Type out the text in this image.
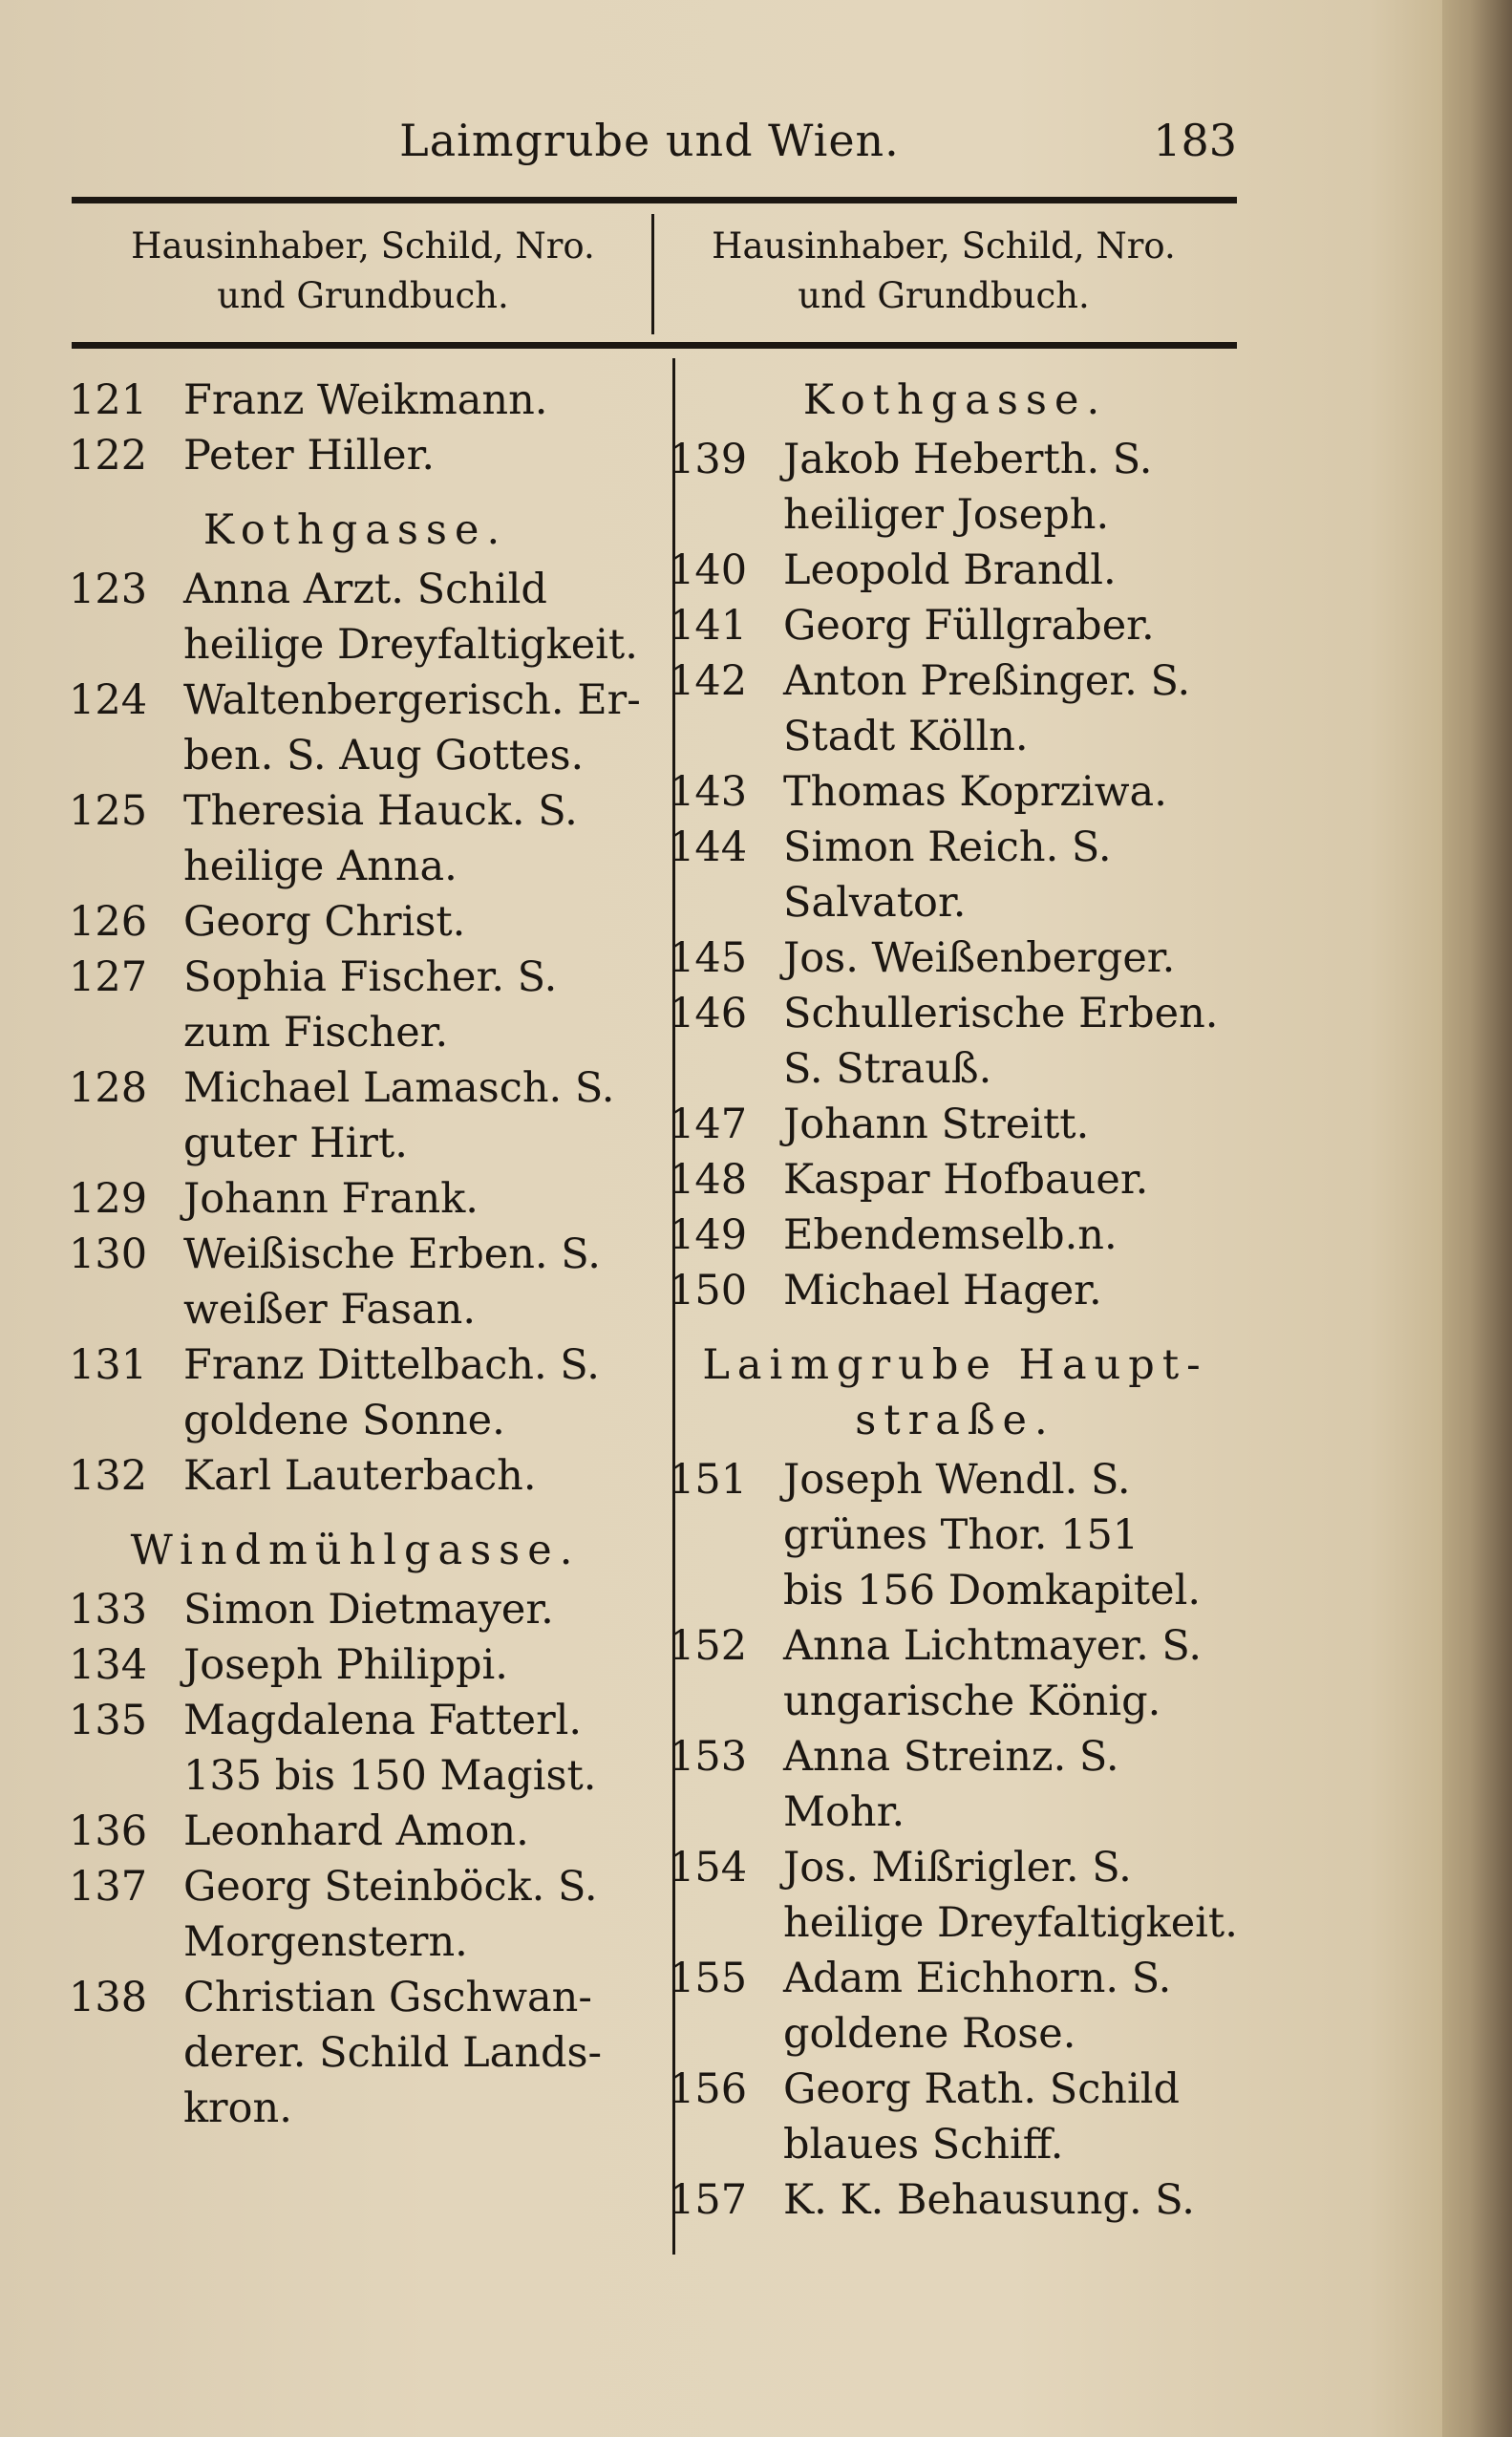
Laimgrube und Wien.	183
Hausinhaber, Schild, Nro.
und Grundbuch.
Hausinhaber, Schild, Nro.
und Grundbuch.
121 Franz Weikmann.
122 Peter Hiller.
Kothgasse.
123 Anna Arzt. Schild
heilige Dreyfaltigkeit.
124 Waltenbergerisch. Er-
ben. S. Aug Gottes.
125 Theresia Hauck. S.
heilige Anna.
126 Georg Christ.
127 Sophia Fischer. S.
zum Fischer.
128 Michael Lamasch. S.
guter Hirt.
129 Johann Frank.
130 Weißische Erben. S.
weißer Fasan.
131 Franz Dittelbach. S.
goldene Sonne.
132 Karl Lauterbach.
Windmühlgasse.
133 Simon Dietmayer.
134 Joseph Philippi.
135 Magdalena Fatterl.
135 bis 150 Magist.
136 Leonhard Amon.
137 Georg Steinböck. S.
Morgenstern.
138 Christian Gschwan-
derer. Schild Lands-
kron.
Kothgasse.
139 Jakob Heberth. S.
heiliger Joseph.
140 Leopold Brandl.
141 Georg Füllgraber.
142 Anton Preßinger. S.
Stadt Kölln.
143 Thomas Koprziwa.
144 Simon Reich. S.
Salvator.
145 Jos. Weißenberger.
146 Schullerische Erben.
S. Strauß.
147 Johann Streitt.
148 Kaspar Hofbauer.
149 Ebendemselb.n.
150 Michael Hager.
Laimgrube Haupt-
straße.
151 Joseph Wendl. S.
grünes Thor. 151
bis 156 Domkapitel.
152 Anna Lichtmayer. S.
ungarische König.
153 Anna Streinz. S.
Mohr.
154 Jos. Mißrigler. S.
heilige Dreyfaltigkeit.
155 Adam Eichhorn. S.
goldene Rose.
156 Georg Rath. Schild
blaues Schiff.
157 K. K. Behausung. S.
